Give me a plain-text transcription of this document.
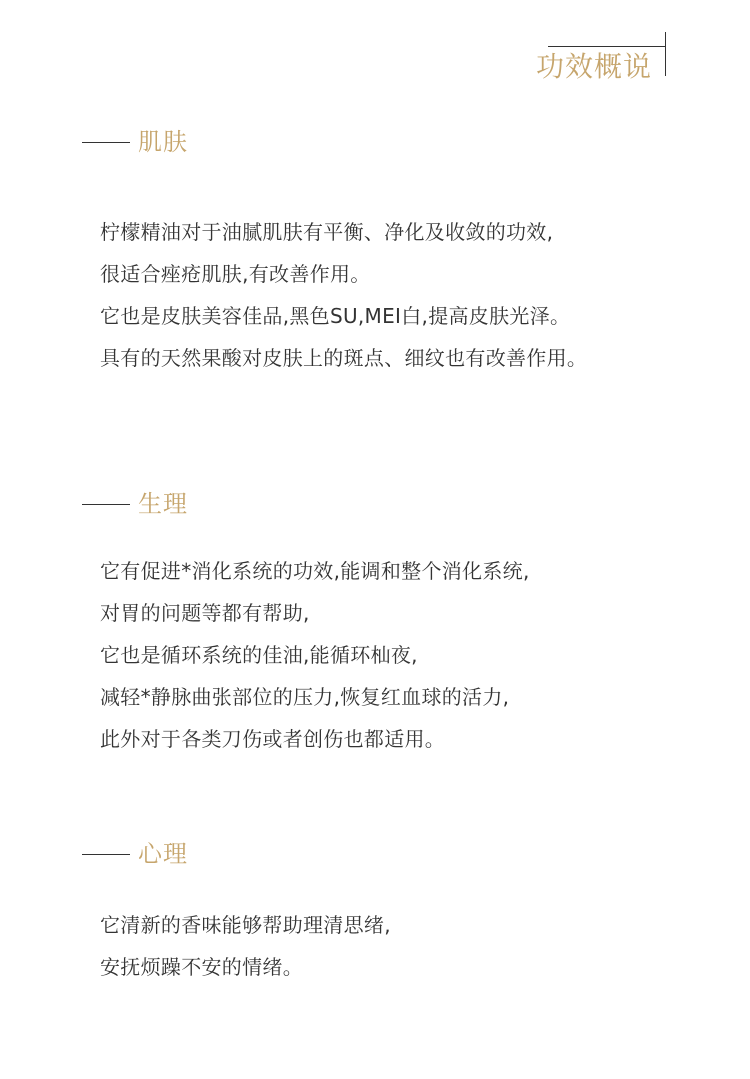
功效概说
肌肤
柠檬精油对于油腻肌肤有平衡、净化及收敛的功效,
很适合痤疮肌肤,有改善作用。
它也是皮肤美容佳品,黑色SU,MEI白,提高皮肤光泽。
具有的天然果酸对皮肤上的斑点、细纹也有改善作用。
生理
它有促进*消化系统的功效,能调和整个消化系统,
对胃的问题等都有帮助,
它也是循环系统的佳油,能循环杣夜,
减轻*静脉曲张部位的压力,恢复红血球的活力,
此外对于各类刀伤或者创伤也都适用。
心理
它清新的香味能够帮助理清思绪,
安抚烦躁不安的情绪。
